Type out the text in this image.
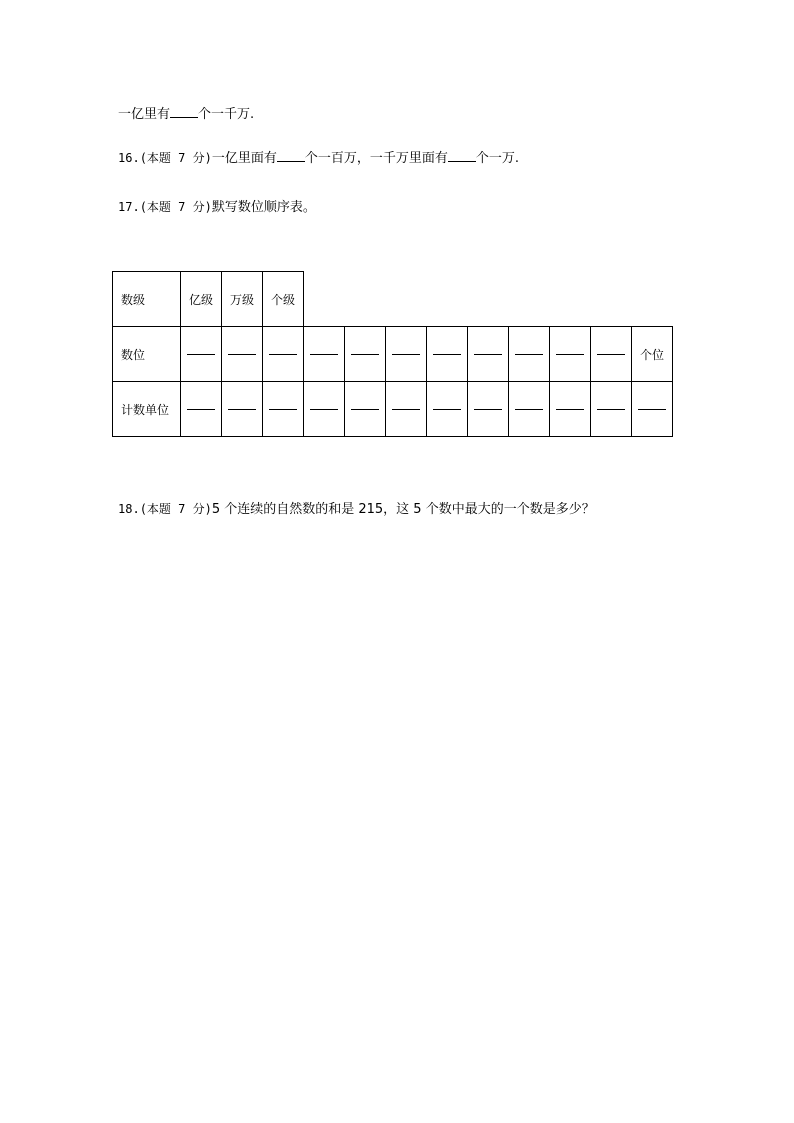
一亿里有 个一千万.
16.(本题 7 分)一亿里面有 个一百万，一千万里面有 个一万.
17.(本题 7 分)默写数位顺序表。
数级	亿级	万级	个级									
数位												个位
计数单位												
18.(本题 7 分)5 个连续的自然数的和是 215，这 5 个数中最大的一个数是多少？
